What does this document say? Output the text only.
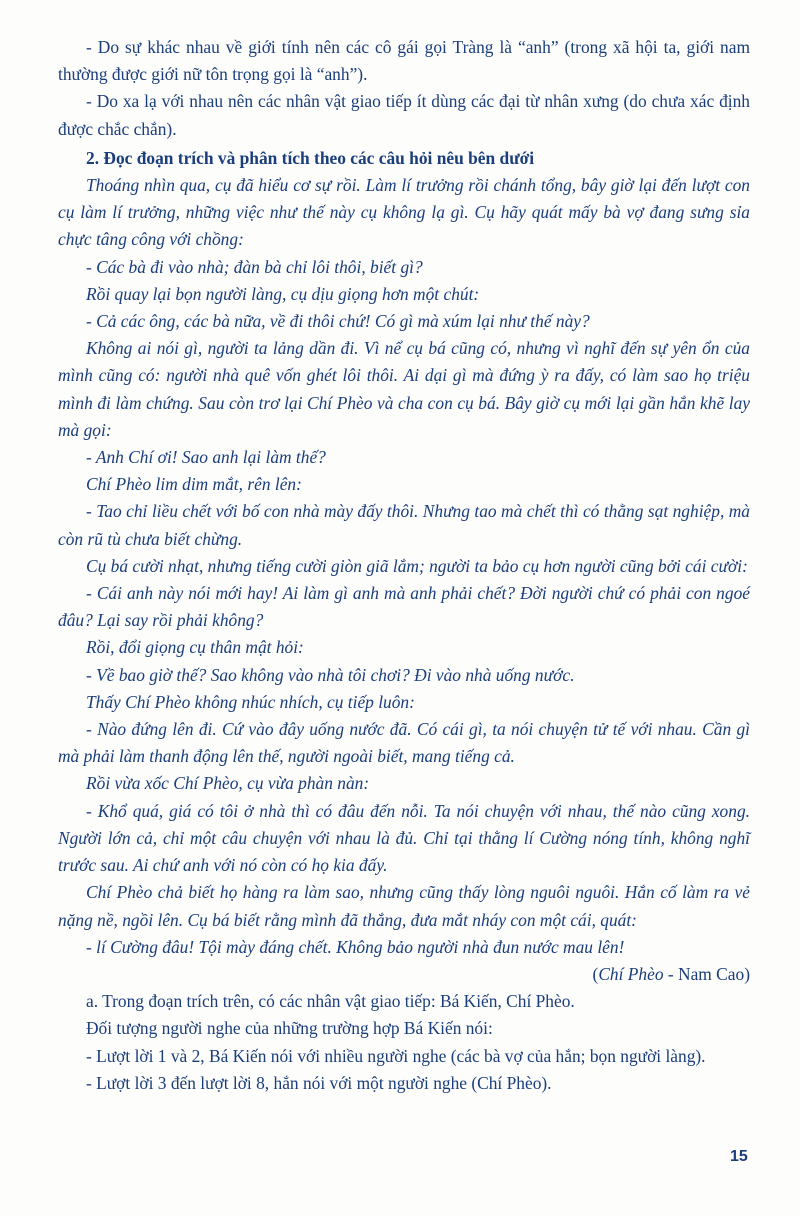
- Do sự khác nhau về giới tính nên các cô gái gọi Tràng là “anh” (trong xã hội ta, giới nam thường được giới nữ tôn trọng gọi là “anh”).

- Do xa lạ với nhau nên các nhân vật giao tiếp ít dùng các đại từ nhân xưng (do chưa xác định được chắc chắn).

2. Đọc đoạn trích và phân tích theo các câu hỏi nêu bên dưới

Thoáng nhìn qua, cụ đã hiểu cơ sự rồi. Làm lí trưởng rồi chánh tổng, bây giờ lại đến lượt con cụ làm lí trưởng, những việc như thế này cụ không lạ gì. Cụ hãy quát mấy bà vợ đang sưng sỉa chực tâng công với chồng:

- Các bà đi vào nhà; đàn bà chỉ lôi thôi, biết gì?

Rồi quay lại bọn người làng, cụ dịu giọng hơn một chút:

- Cả các ông, các bà nữa, về đi thôi chứ! Có gì mà xúm lại như thế này?

Không ai nói gì, người ta lảng dần đi. Vì nể cụ bá cũng có, nhưng vì nghĩ đến sự yên ổn của mình cũng có: người nhà quê vốn ghét lôi thôi. Ai dại gì mà đứng ỳ ra đấy, có làm sao họ triệu mình đi làm chứng. Sau còn trơ lại Chí Phèo và cha con cụ bá. Bây giờ cụ mới lại gần hắn khẽ lay mà gọi:

- Anh Chí ơi! Sao anh lại làm thế?

Chí Phèo lim dim mắt, rên lên:

- Tao chỉ liều chết với bố con nhà mày đấy thôi. Nhưng tao mà chết thì có thằng sạt nghiệp, mà còn rũ tù chưa biết chừng.

Cụ bá cười nhạt, nhưng tiếng cười giòn giã lắm; người ta bảo cụ hơn người cũng bởi cái cười:

- Cái anh này nói mới hay! Ai làm gì anh mà anh phải chết? Đời người chứ có phải con ngoé đâu? Lại say rồi phải không?

Rồi, đổi giọng cụ thân mật hỏi:

- Về bao giờ thế? Sao không vào nhà tôi chơi? Đi vào nhà uống nước.

Thấy Chí Phèo không nhúc nhích, cụ tiếp luôn:

- Nào đứng lên đi. Cứ vào đây uống nước đã. Có cái gì, ta nói chuyện tử tế với nhau. Cần gì mà phải làm thanh động lên thế, người ngoài biết, mang tiếng cả.

Rồi vừa xốc Chí Phèo, cụ vừa phàn nàn:

- Khổ quá, giá có tôi ở nhà thì có đâu đến nỗi. Ta nói chuyện với nhau, thế nào cũng xong. Người lớn cả, chỉ một câu chuyện với nhau là đủ. Chỉ tại thằng lí Cường nóng tính, không nghĩ trước sau. Ai chứ anh với nó còn có họ kia đấy.

Chí Phèo chả biết họ hàng ra làm sao, nhưng cũng thấy lòng nguôi nguôi. Hắn cố làm ra vẻ nặng nề, ngồi lên. Cụ bá biết rằng mình đã thắng, đưa mắt nháy con một cái, quát:

- lí Cường đâu! Tội mày đáng chết. Không bảo người nhà đun nước mau lên!

(Chí Phèo - Nam Cao)

a. Trong đoạn trích trên, có các nhân vật giao tiếp: Bá Kiến, Chí Phèo.

Đối tượng người nghe của những trường hợp Bá Kiến nói:

- Lượt lời 1 và 2, Bá Kiến nói với nhiều người nghe (các bà vợ của hắn; bọn người làng).

- Lượt lời 3 đến lượt lời 8, hắn nói với một người nghe (Chí Phèo).

15
